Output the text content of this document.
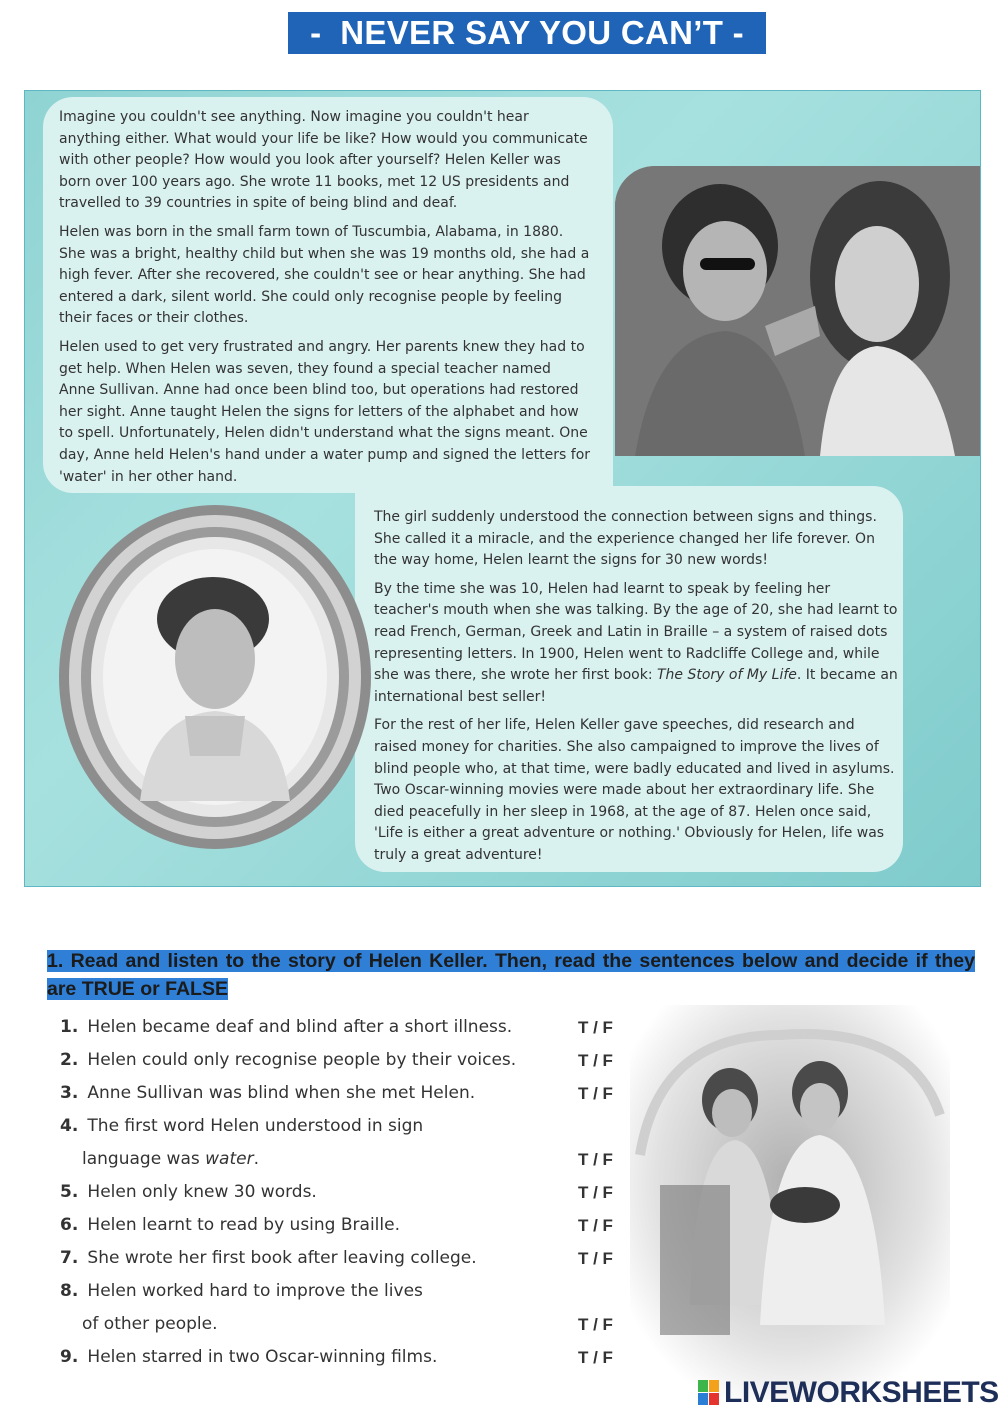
-  NEVER SAY YOU CAN’T -

Imagine you couldn't see anything. Now imagine you couldn't hear anything either. What would your life be like? How would you communicate with other people? How would you look after yourself? Helen Keller was born over 100 years ago. She wrote 11 books, met 12 US presidents and travelled to 39 countries in spite of being blind and deaf.

Helen was born in the small farm town of Tuscumbia, Alabama, in 1880. She was a bright, healthy child but when she was 19 months old, she had a high fever. After she recovered, she couldn't see or hear anything. She had entered a dark, silent world. She could only recognise people by feeling their faces or their clothes.

Helen used to get very frustrated and angry. Her parents knew they had to get help. When Helen was seven, they found a special teacher named Anne Sullivan. Anne had once been blind too, but operations had restored her sight. Anne taught Helen the signs for letters of the alphabet and how to spell. Unfortunately, Helen didn't understand what the signs meant. One day, Anne held Helen's hand under a water pump and signed the letters for 'water' in her other hand.

The girl suddenly understood the connection between signs and things. She called it a miracle, and the experience changed her life forever. On the way home, Helen learnt the signs for 30 new words!

By the time she was 10, Helen had learnt to speak by feeling her teacher's mouth when she was talking. By the age of 20, she had learnt to read French, German, Greek and Latin in Braille – a system of raised dots representing letters. In 1900, Helen went to Radcliffe College and, while she was there, she wrote her first book: The Story of My Life. It became an international best seller!

For the rest of her life, Helen Keller gave speeches, did research and raised money for charities. She also campaigned to improve the lives of blind people who, at that time, were badly educated and lived in asylums. Two Oscar-winning movies were made about her extraordinary life. She died peacefully in her sleep in 1968, at the age of 87. Helen once said, 'Life is either a great adventure or nothing.' Obviously for Helen, life was truly a great adventure!

1. Read and listen to the story of Helen Keller. Then, read the sentences below and decide if they are TRUE or FALSE
1. Helen became deaf and blind after a short illness.	T / F
2. Helen could only recognise people by their voices.	T / F
3. Anne Sullivan was blind when she met Helen.	T / F
4. The first word Helen understood in sign
language was water.	T / F
5. Helen only knew 30 words.	T / F
6. Helen learnt to read by using Braille.	T / F
7. She wrote her first book after leaving college.	T / F
8. Helen worked hard to improve the lives
of other people.	T / F
9. Helen starred in two Oscar-winning films.	T / F
LIVEWORKSHEETS
